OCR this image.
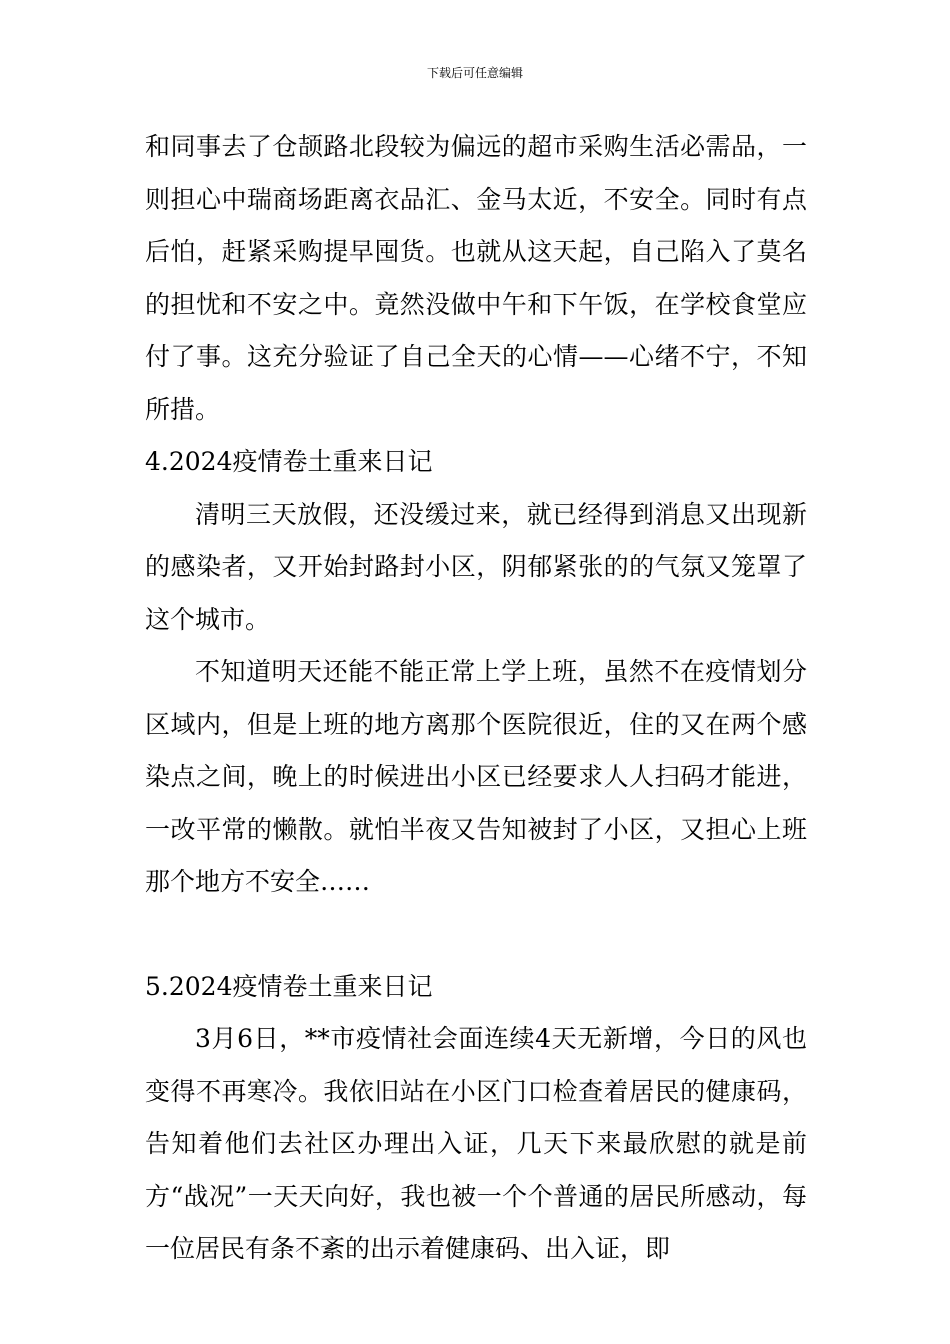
下载后可任意编辑

和同事去了仓颉路北段较为偏远的超市采购生活必需品，一则担心中瑞商场距离衣品汇、金马太近，不安全。同时有点后怕，赶紧采购提早囤货。也就从这天起，自己陷入了莫名的担忧和不安之中。竟然没做中午和下午饭，在学校食堂应付了事。这充分验证了自己全天的心情——心绪不宁，不知所措。

4.2024疫情卷土重来日记

清明三天放假，还没缓过来，就已经得到消息又出现新的感染者，又开始封路封小区，阴郁紧张的的气氛又笼罩了这个城市。

不知道明天还能不能正常上学上班，虽然不在疫情划分区域内，但是上班的地方离那个医院很近，住的又在两个感染点之间，晚上的时候进出小区已经要求人人扫码才能进，一改平常的懒散。就怕半夜又告知被封了小区，又担心上班那个地方不安全……

5.2024疫情卷土重来日记

3月6日，**市疫情社会面连续4天无新增，今日的风也变得不再寒冷。我依旧站在小区门口检查着居民的健康码，告知着他们去社区办理出入证，几天下来最欣慰的就是前方“战况”一天天向好，我也被一个个普通的居民所感动，每一位居民有条不紊的出示着健康码、出入证，即
